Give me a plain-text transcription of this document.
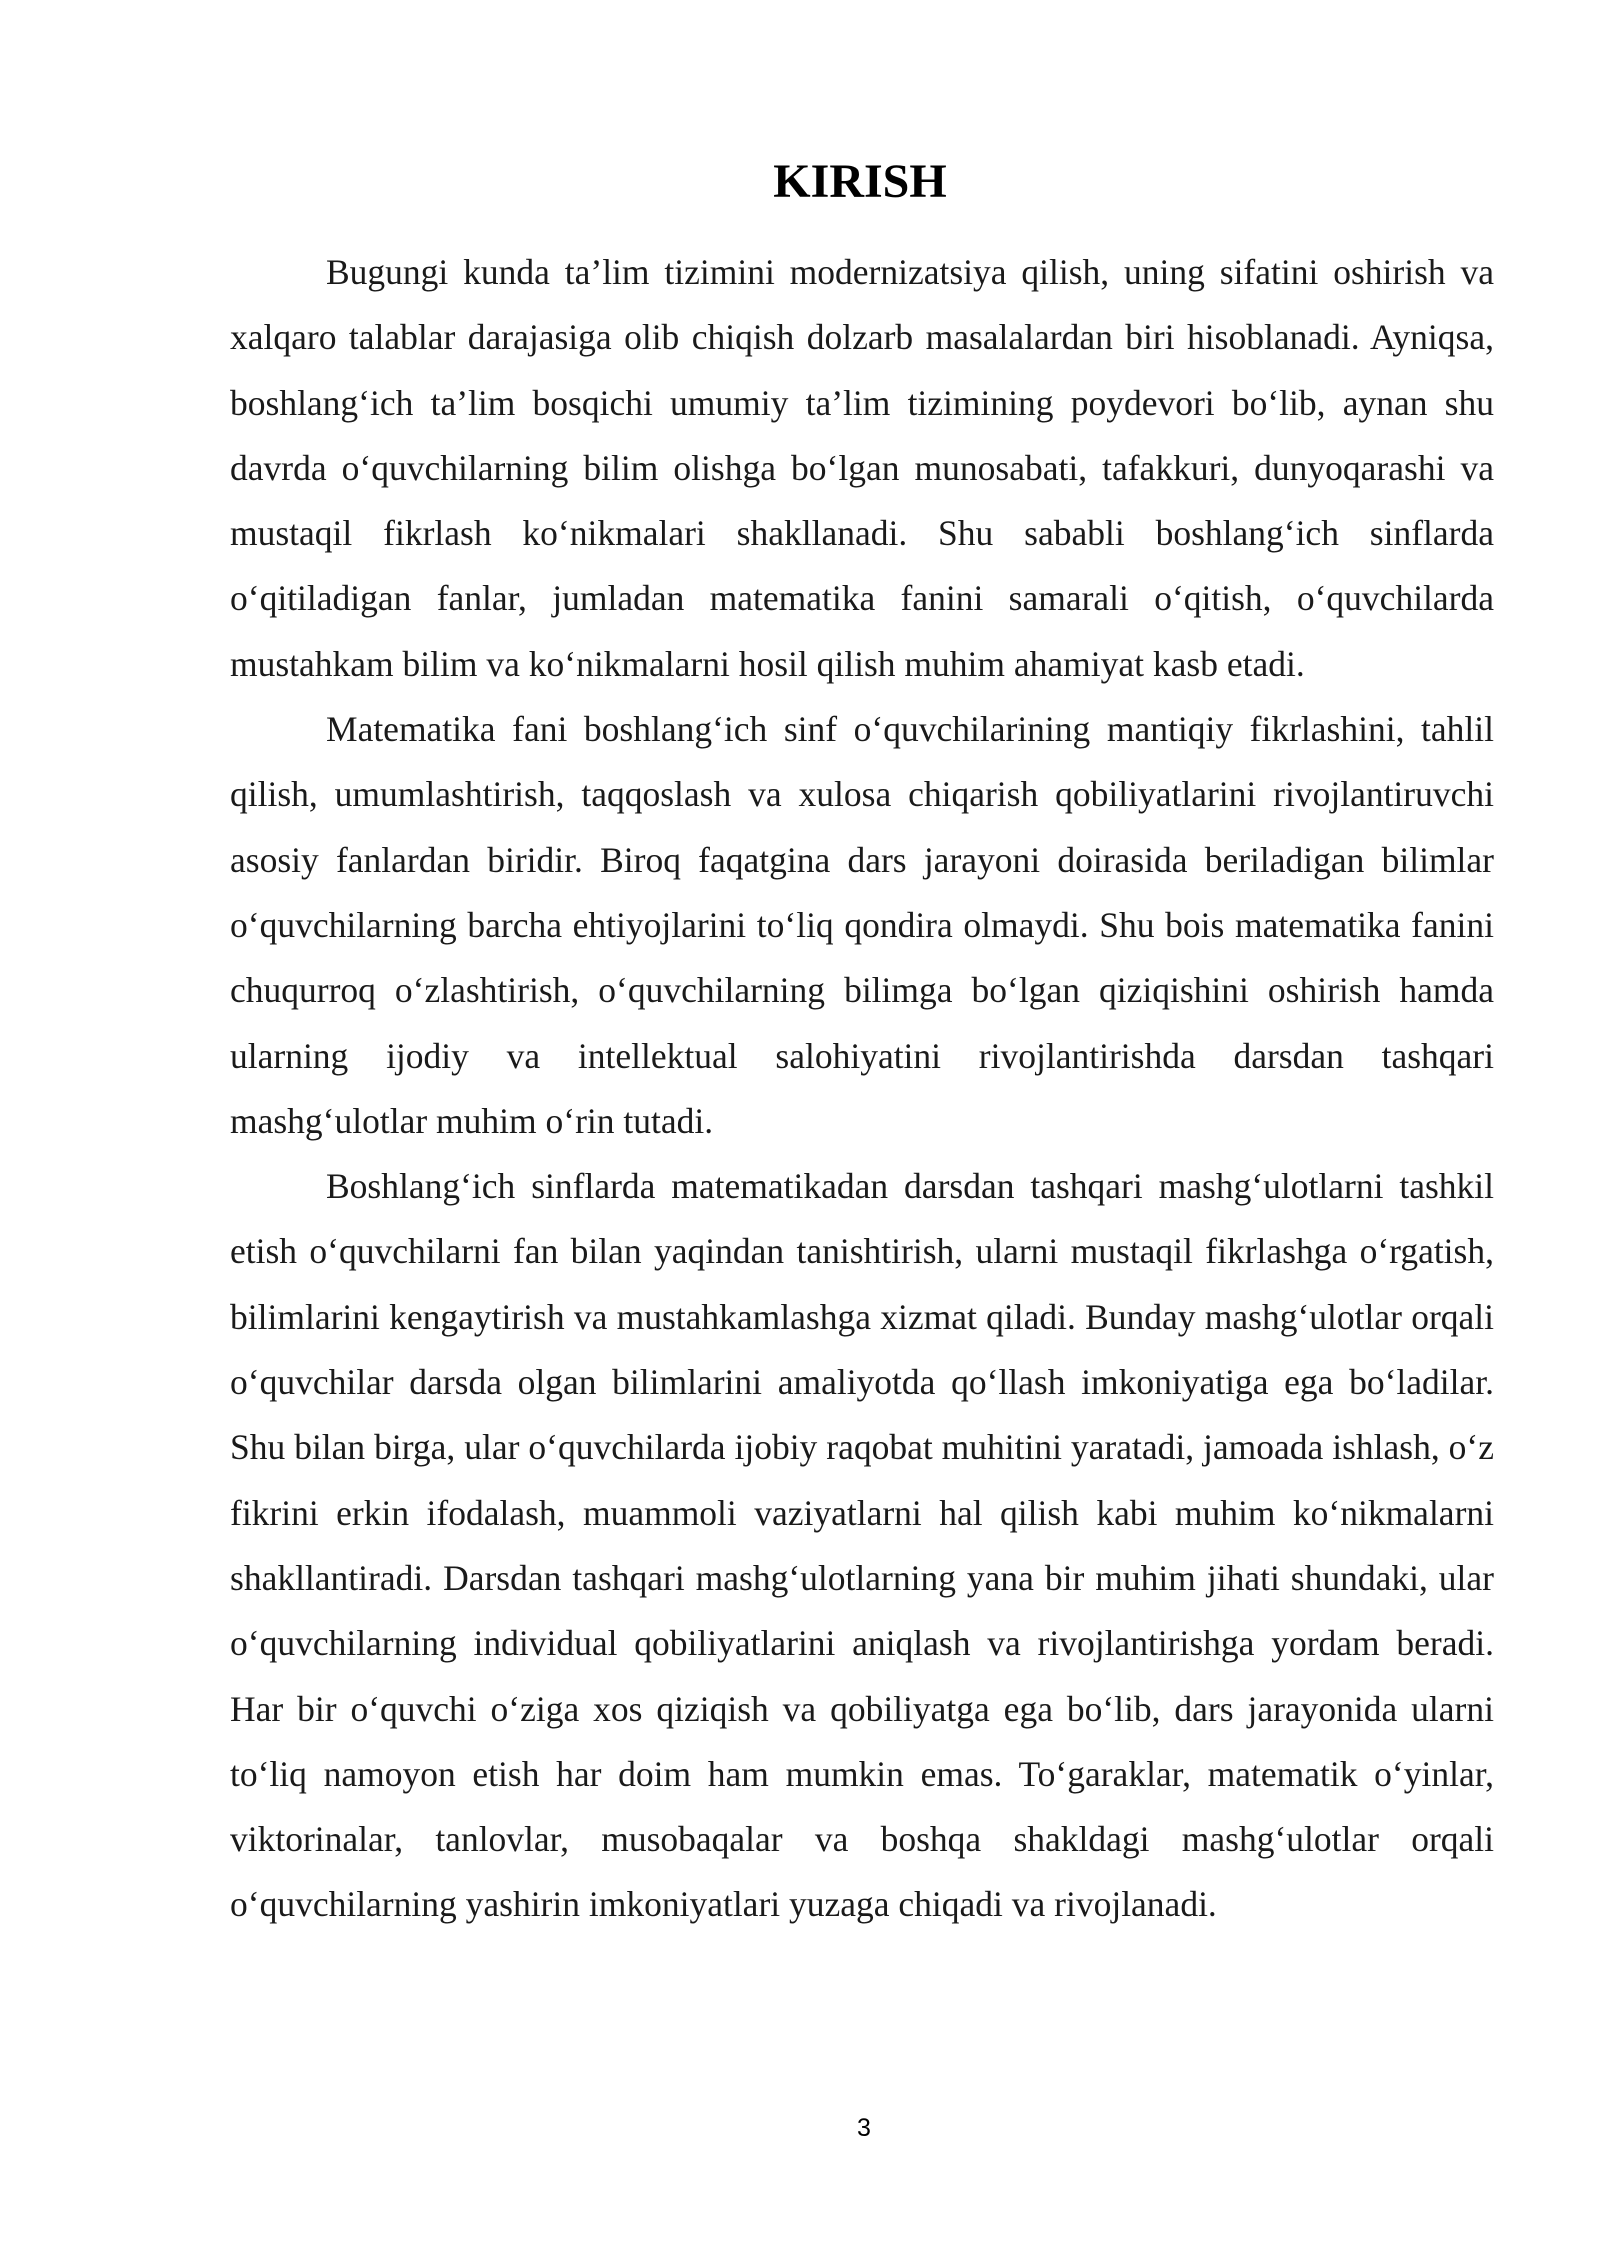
KIRISH

Bugungi kunda ta’lim tizimini modernizatsiya qilish, uning sifatini oshirish va xalqaro talablar darajasiga olib chiqish dolzarb masalalardan biri hisoblanadi. Ayniqsa, boshlang‘ich ta’lim bosqichi umumiy ta’lim tizimining poydevori bo‘lib, aynan shu davrda o‘quvchilarning bilim olishga bo‘lgan munosabati, tafakkuri, dunyoqarashi va mustaqil fikrlash ko‘nikmalari shakllanadi. Shu sababli boshlang‘ich sinflarda o‘qitiladigan fanlar, jumladan matematika fanini samarali o‘qitish, o‘quvchilarda mustahkam bilim va ko‘nikmalarni hosil qilish muhim ahamiyat kasb etadi.

Matematika fani boshlang‘ich sinf o‘quvchilarining mantiqiy fikrlashini, tahlil qilish, umumlashtirish, taqqoslash va xulosa chiqarish qobiliyatlarini rivojlantiruvchi asosiy fanlardan biridir. Biroq faqatgina dars jarayoni doirasida beriladigan bilimlar o‘quvchilarning barcha ehtiyojlarini to‘liq qondira olmaydi. Shu bois matematika fanini chuqurroq o‘zlashtirish, o‘quvchilarning bilimga bo‘lgan qiziqishini oshirish hamda ularning ijodiy va intellektual salohiyatini rivojlantirishda darsdan tashqari mashg‘ulotlar muhim o‘rin tutadi.

Boshlang‘ich sinflarda matematikadan darsdan tashqari mashg‘ulotlarni tashkil etish o‘quvchilarni fan bilan yaqindan tanishtirish, ularni mustaqil fikrlashga o‘rgatish, bilimlarini kengaytirish va mustahkamlashga xizmat qiladi. Bunday mashg‘ulotlar orqali o‘quvchilar darsda olgan bilimlarini amaliyotda qo‘llash imkoniyatiga ega bo‘ladilar. Shu bilan birga, ular o‘quvchilarda ijobiy raqobat muhitini yaratadi, jamoada ishlash, o‘z fikrini erkin ifodalash, muammoli vaziyatlarni hal qilish kabi muhim ko‘nikmalarni shakllantiradi. Darsdan tashqari mashg‘ulotlarning yana bir muhim jihati shundaki, ular o‘quvchilarning individual qobiliyatlarini aniqlash va rivojlantirishga yordam beradi. Har bir o‘quvchi o‘ziga xos qiziqish va qobiliyatga ega bo‘lib, dars jarayonida ularni to‘liq namoyon etish har doim ham mumkin emas. To‘garaklar, matematik o‘yinlar, viktorinalar, tanlovlar, musobaqalar va boshqa shakldagi mashg‘ulotlar orqali o‘quvchilarning yashirin imkoniyatlari yuzaga chiqadi va rivojlanadi.

3
